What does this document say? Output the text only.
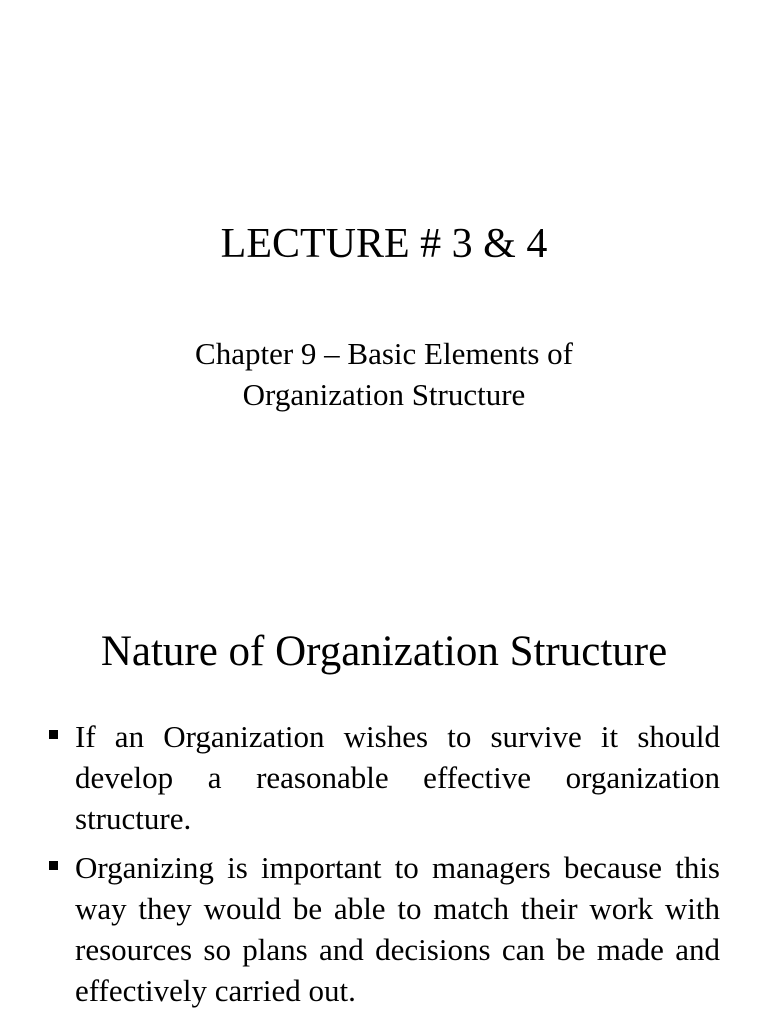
LECTURE # 3 & 4
Chapter 9 – Basic Elements of
Organization Structure
Nature of Organization Structure
If an Organization wishes to survive it should develop a reasonable effective organization structure.
Organizing is important to managers because this way they would be able to match their work with resources so plans and decisions can be made and effectively carried out.
